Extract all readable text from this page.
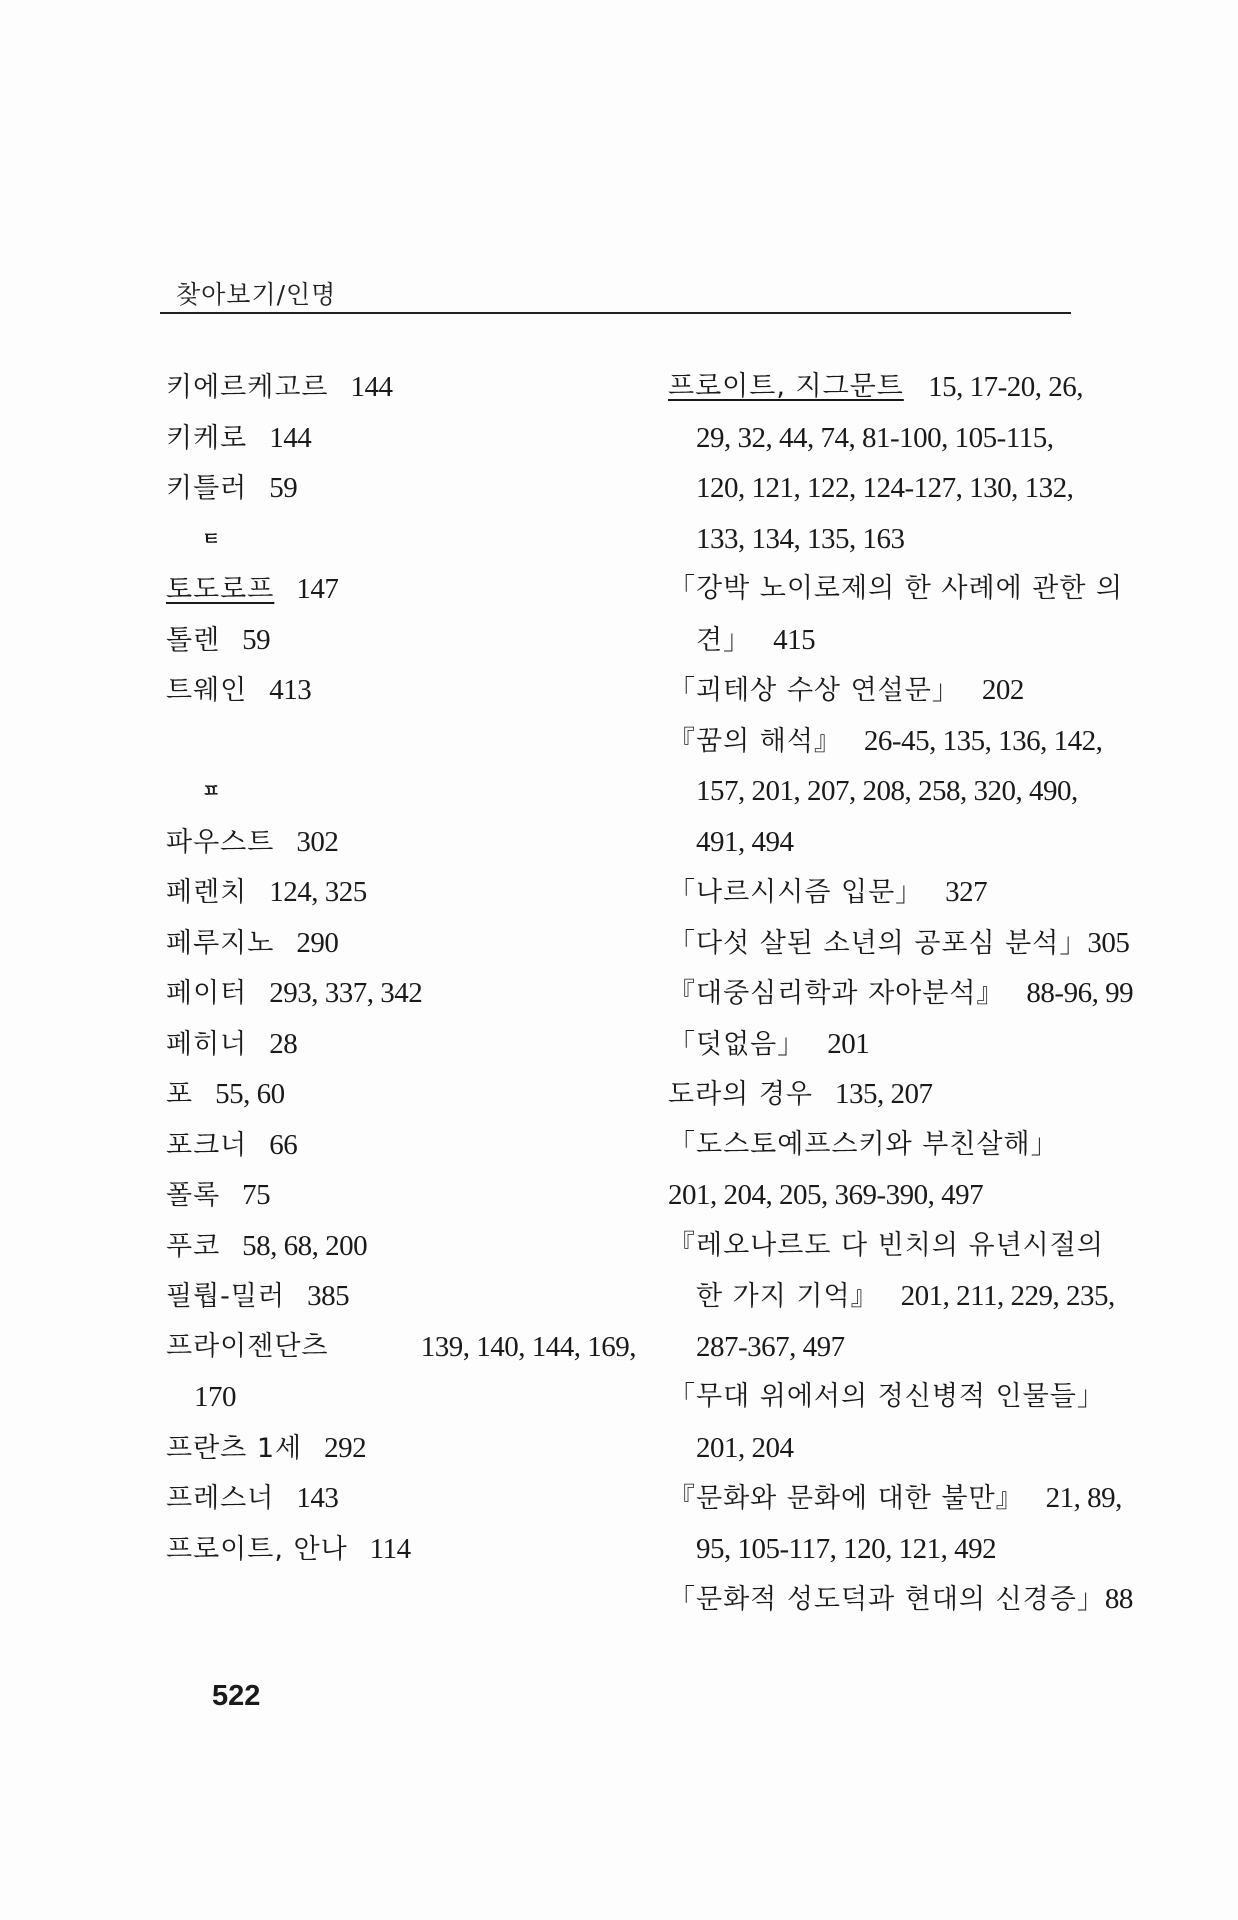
찾아보기/인명
키에르케고르 144
키케로 144
키틀러 59
ㅌ
토도로프 147
톨렌 59
트웨인 413
ㅍ
파우스트 302
페렌치 124, 325
페루지노 290
페이터 293, 337, 342
페히너 28
포 55, 60
포크너 66
폴록 75
푸코 58, 68, 200
필뤕-밀러 385
프라이젠단츠	139, 140, 144, 169,
170
프란츠 1세 292
프레스너 143
프로이트, 안나 114
프로이트, 지그문트 15, 17-20, 26,
29, 32, 44, 74, 81-100, 105-115,
120, 121, 122, 124-127, 130, 132,
133, 134, 135, 163
「강박 노이로제의 한 사례에 관한 의
견」 415
「괴테상 수상 연설문」 202
『꿈의 해석』 26-45, 135, 136, 142,
157, 201, 207, 208, 258, 320, 490,
491, 494
「나르시시즘 입문」 327
「다섯 살된 소년의 공포심 분석」305
『대중심리학과 자아분석』 88-96, 99
「덧없음」 201
도라의 경우 135, 207
「도스토예프스키와 부친살해」
201, 204, 205, 369-390, 497
『레오나르도 다 빈치의 유년시절의
한 가지 기억』 201, 211, 229, 235,
287-367, 497
「무대 위에서의 정신병적 인물들」
201, 204
『문화와 문화에 대한 불만』 21, 89,
95, 105-117, 120, 121, 492
「문화적 성도덕과 현대의 신경증」88
522
